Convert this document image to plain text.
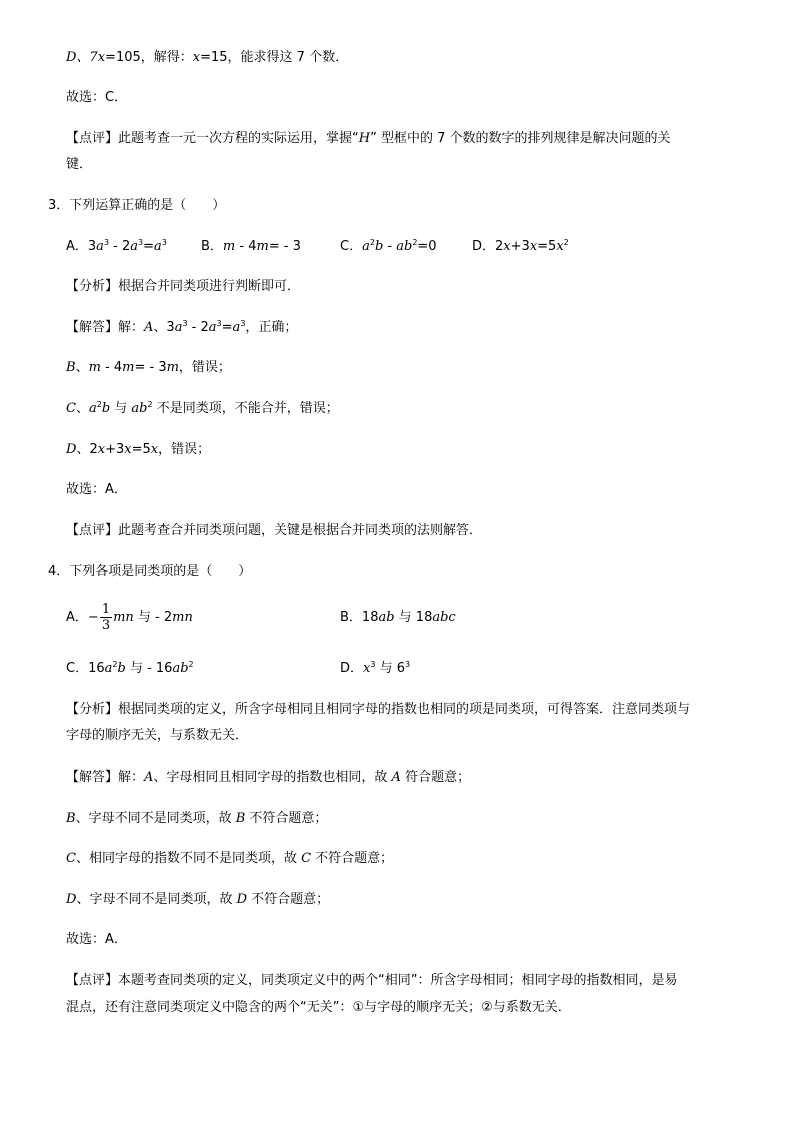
D、7x=105，解得：x=15，能求得这 7 个数．
故选：C．
【点评】此题考查一元一次方程的实际运用，掌握“H” 型框中的 7 个数的数字的排列规律是解决问题的关
键．
3．下列运算正确的是（　　）
A．$3a^3 - 2a^3=a^3$	B．m - 4m= - 3	C．$a^2b - ab^2=0$	D．$2x+3x=5x^2$
【分析】根据合并同类项进行判断即可．
【解答】解：A、$3a^3 - 2a^3=a^3$，正确；
B、m - 4m= - 3m，错误；
C、$a^2b$ 与 $ab^2$ 不是同类项，不能合并，错误；
D、2x+3x=5x，错误；
故选：A．
【点评】此题考查合并同类项问题，关键是根据合并同类项的法则解答．
4．下列各项是同类项的是（　　）
A．− $\frac{1}{3}$ mn 与 - 2mn	B．18ab 与 18abc
C．$16a^2b$ 与 - $16ab^2$	D．$x^3$ 与 $6^3$
【分析】根据同类项的定义，所含字母相同且相同字母的指数也相同的项是同类项，可得答案．注意同类项与
字母的顺序无关，与系数无关．
【解答】解：A、字母相同且相同字母的指数也相同，故 A 符合题意；
B、字母不同不是同类项，故 B 不符合题意；
C、相同字母的指数不同不是同类项，故 C 不符合题意；
D、字母不同不是同类项，故 D 不符合题意；
故选：A．
【点评】本题考查同类项的定义，同类项定义中的两个“相同”：所含字母相同；相同字母的指数相同，是易
混点，还有注意同类项定义中隐含的两个“无关”：①与字母的顺序无关；②与系数无关．
